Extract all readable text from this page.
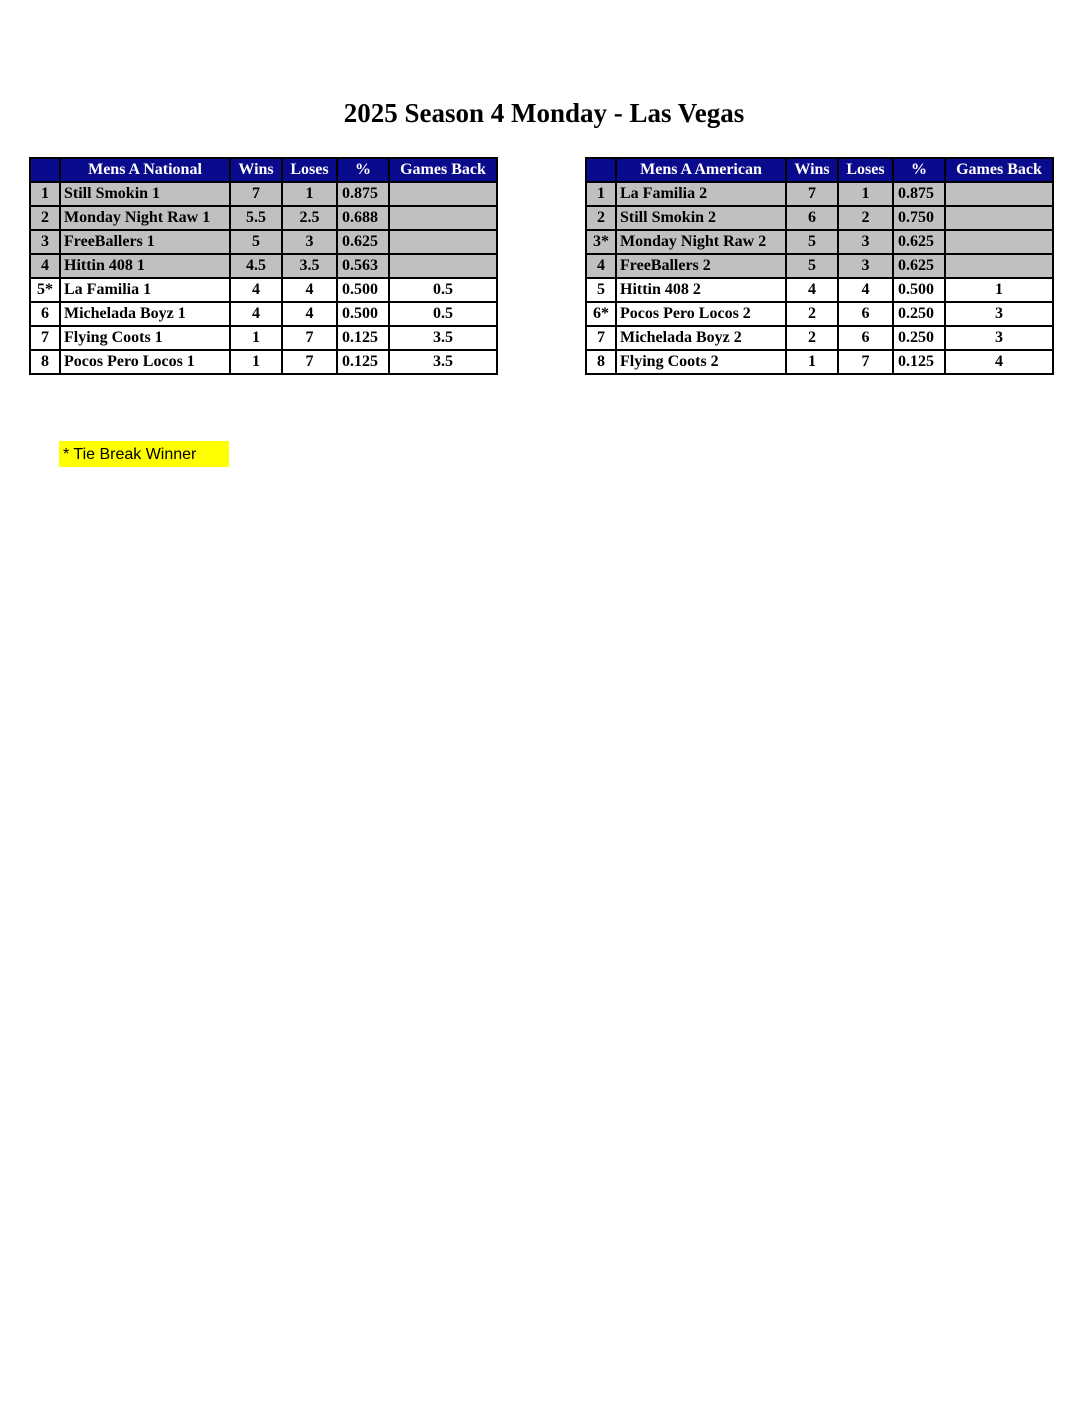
2025 Season 4 Monday - Las Vegas
	Mens A National	Wins	Loses	%	Games Back
1	Still Smokin 1	7	1	0.875	
2	Monday Night Raw 1	5.5	2.5	0.688	
3	FreeBallers 1	5	3	0.625	
4	Hittin 408 1	4.5	3.5	0.563	
5*	La Familia 1	4	4	0.500	0.5
6	Michelada Boyz 1	4	4	0.500	0.5
7	Flying Coots 1	1	7	0.125	3.5
8	Pocos Pero Locos 1	1	7	0.125	3.5
	Mens A American	Wins	Loses	%	Games Back
1	La Familia 2	7	1	0.875	
2	Still Smokin 2	6	2	0.750	
3*	Monday Night Raw 2	5	3	0.625	
4	FreeBallers 2	5	3	0.625	
5	Hittin 408 2	4	4	0.500	1
6*	Pocos Pero Locos 2	2	6	0.250	3
7	Michelada Boyz 2	2	6	0.250	3
8	Flying Coots 2	1	7	0.125	4
* Tie Break Winner
